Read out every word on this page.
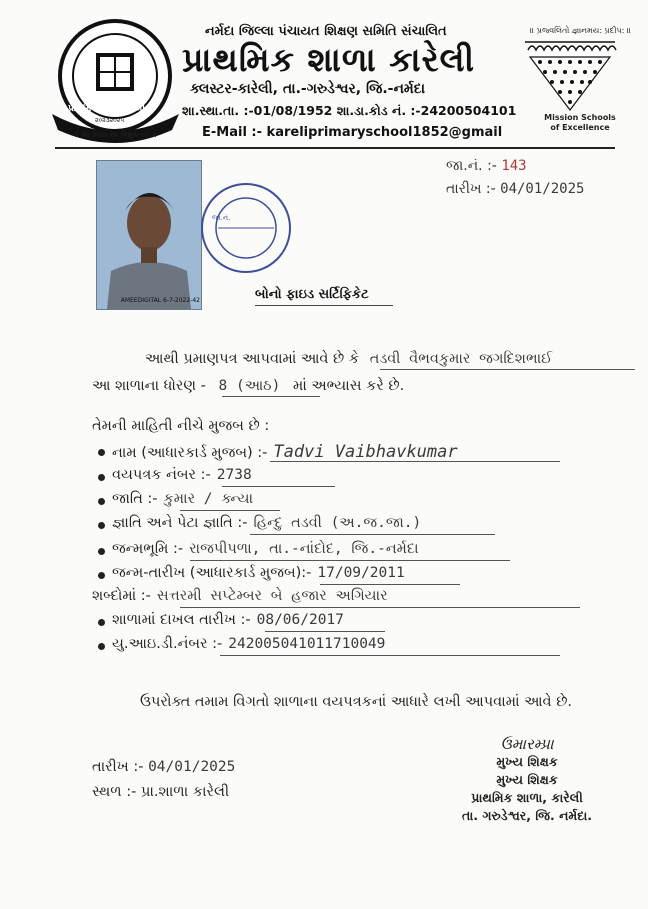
પ્રાથમિક શાળા કારેલી
૨૦૨૩૨૦૨૫
॥ સા વિદ્યા યા વિમુક્તયે ॥
નર્મદા જિલ્લા પંચાયત શિક્ષણ સમિતિ સંચાલિત
પ્રાથમિક શાળા કારેલી
ક્લસ્ટર-કારેલી, તા.-ગરુડેશ્વર, જિ.-નર્મદા
શા.સ્થા.તા. :-01/08/1952 શા.ડા.કોડ નં. :-24200504101
E-Mail :- kareliprimaryschool1852@gmail
॥ પ્રજ્વલિતો જ્ઞાનમય: પ્રદીપ: ॥
Mission Schools of Excellence
જા.નં. :- 143
તારીખ :- 04/01/2025
AMEEDIGITAL 6-7-2022-42
જા.નં.
બોનો ફાઇડ સર્ટિફિકેટ
આથી પ્રમાણપત્ર આપવામાં આવે છે કે તડવી વૈભવકુમાર જગદિશભાઈ
આ શાળાના ધોરણ - 8 (આઠ) માં અભ્યાસ કરે છે.
તેમની માહિતી નીચે મુજબ છે :
નામ (આધારકાર્ડ મુજબ) :- Tadvi Vaibhavkumar
વયપત્રક નંબર :- 2738
જાતિ :- કુમાર / ક્ન્યા
જ્ઞાતિ અને પેટા જ્ઞાતિ :- હિન્દુ તડવી (અ.જ.જા.)
જન્મભૂમિ :- રાજપીપળા, તા.-નાંદોદ, જિ.-નર્મદા
જન્મ-તારીખ (આધારકાર્ડ મુજબ):- 17/09/2011
શબ્દોમાં :- સત્તરમી સપ્ટેમ્બર બે હજાર અગિયાર
શાળામાં દાખલ તારીખ :- 08/06/2017
યુ.આઇ.ડી.નંબર :- 242005041011710049
ઉપરોક્ત તમામ વિગતો શાળાના વયપત્રકનાં આધારે લખી આપવામાં આવે છે.
તારીખ :- 04/01/2025
સ્થળ :- પ્રા.શાળા કારેલી
ઉમારમ્પ્રા
મુખ્ય શિક્ષક
મુખ્ય શિક્ષક
પ્રાથમિક શાળા, કારેલી
તા. ગરુડેશ્વર, જિ. નર્મદા.
